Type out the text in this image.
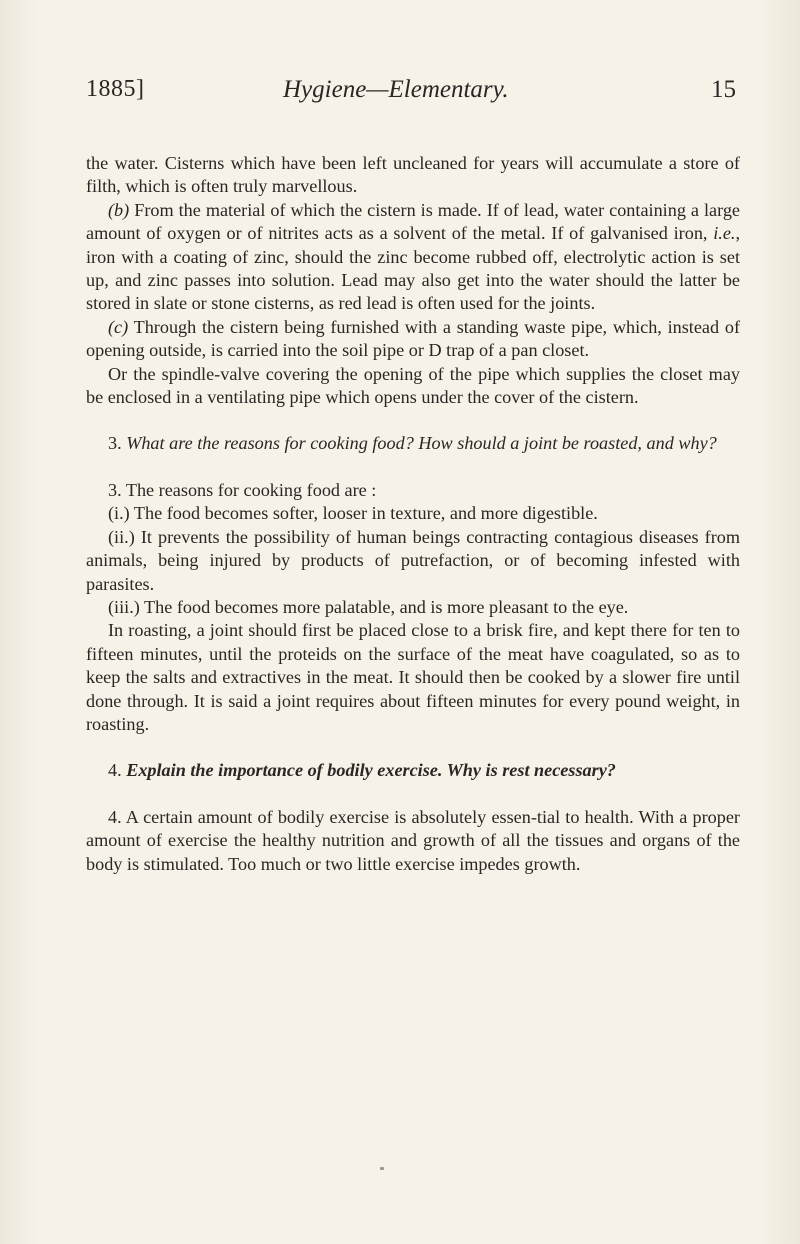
1885]	Hygiene—Elementary.	15

the water. Cisterns which have been left uncleaned for years will accumulate a store of filth, which is often truly marvellous.

(b) From the material of which the cistern is made. If of lead, water containing a large amount of oxygen or of nitrites acts as a solvent of the metal. If of galvanised iron, i.e., iron with a coating of zinc, should the zinc become rubbed off, electrolytic action is set up, and zinc passes into solution. Lead may also get into the water should the latter be stored in slate or stone cisterns, as red lead is often used for the joints.

(c) Through the cistern being furnished with a standing waste pipe, which, instead of opening outside, is carried into the soil pipe or D trap of a pan closet.

Or the spindle-valve covering the opening of the pipe which supplies the closet may be enclosed in a ventilating pipe which opens under the cover of the cistern.

3. What are the reasons for cooking food? How should a joint be roasted, and why?

3. The reasons for cooking food are :

(i.) The food becomes softer, looser in texture, and more digestible.

(ii.) It prevents the possibility of human beings contracting contagious diseases from animals, being injured by products of putrefaction, or of becoming infested with parasites.

(iii.) The food becomes more palatable, and is more pleasant to the eye.

In roasting, a joint should first be placed close to a brisk fire, and kept there for ten to fifteen minutes, until the proteids on the surface of the meat have coagulated, so as to keep the salts and extractives in the meat. It should then be cooked by a slower fire until done through. It is said a joint requires about fifteen minutes for every pound weight, in roasting.

4. Explain the importance of bodily exercise. Why is rest necessary?

4. A certain amount of bodily exercise is absolutely essen-tial to health. With a proper amount of exercise the healthy nutrition and growth of all the tissues and organs of the body is stimulated. Too much or two little exercise impedes growth.
